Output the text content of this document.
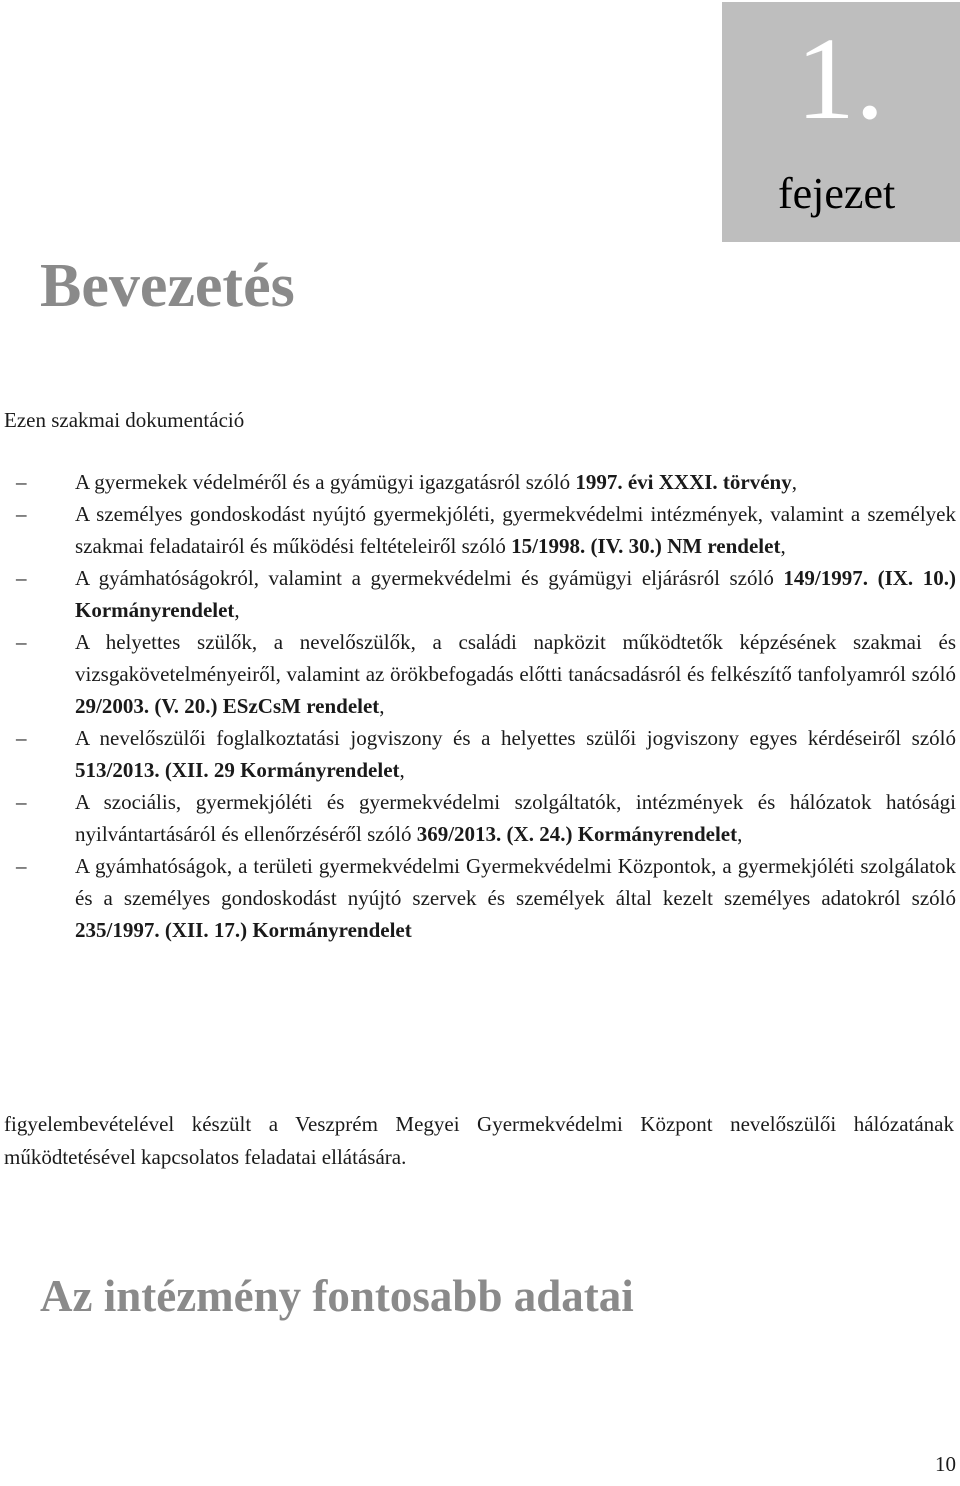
1.
fejezet
Bevezetés

Ezen szakmai dokumentáció

– A gyermekek védelméről és a gyámügyi igazgatásról szóló 1997. évi XXXI. törvény,
– A személyes gondoskodást nyújtó gyermekjóléti, gyermekvédelmi intézmények, valamint a személyek szakmai feladatairól és működési feltételeiről szóló 15/1998. (IV. 30.) NM rendelet,
– A gyámhatóságokról, valamint a gyermekvédelmi és gyámügyi eljárásról szóló 149/1997. (IX. 10.) Kormányrendelet,
– A helyettes szülők, a nevelőszülők, a családi napközit működtetők képzésének szakmai és vizsgakövetelményeiről, valamint az örökbefogadás előtti tanácsadásról és felkészítő tanfolyamról szóló 29/2003. (V. 20.) ESzCsM rendelet,
– A nevelőszülői foglalkoztatási jogviszony és a helyettes szülői jogviszony egyes kérdéseiről szóló 513/2013. (XII. 29 Kormányrendelet,
– A szociális, gyermekjóléti és gyermekvédelmi szolgáltatók, intézmények és hálózatok hatósági nyilvántartásáról és ellenőrzéséről szóló 369/2013. (X. 24.) Kormányrendelet,
– A gyámhatóságok, a területi gyermekvédelmi Gyermekvédelmi Központok, a gyermekjóléti szolgálatok és a személyes gondoskodást nyújtó szervek és személyek által kezelt személyes adatokról szóló 235/1997. (XII. 17.) Kormányrendelet

figyelembevételével készült a Veszprém Megyei Gyermekvédelmi Központ nevelőszülői hálózatának működtetésével kapcsolatos feladatai ellátására.

Az intézmény fontosabb adatai
10
